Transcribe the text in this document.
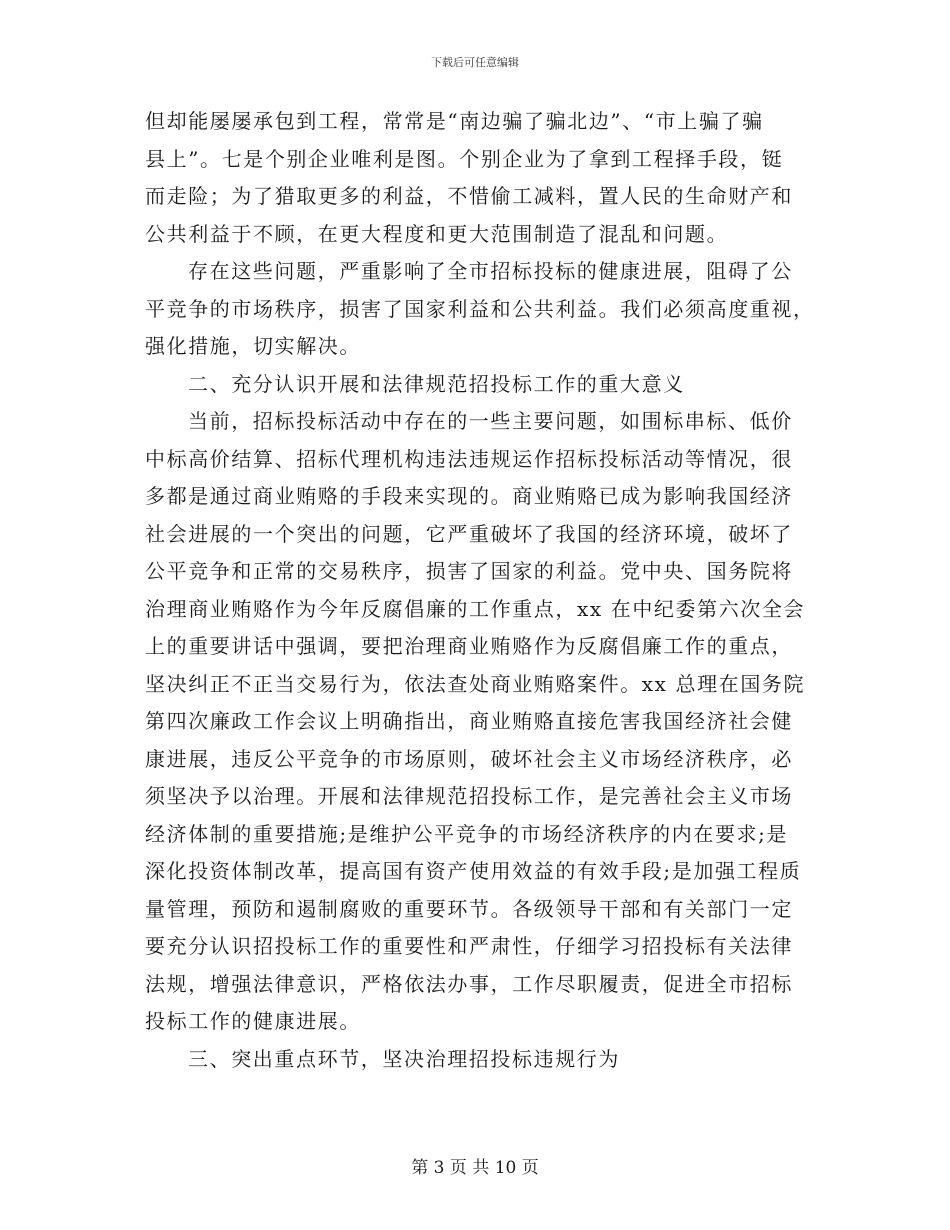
下载后可任意编辑
但却能屡屡承包到工程，常常是“南边骗了骗北边”、“市上骗了骗
县上”。七是个别企业唯利是图。个别企业为了拿到工程择手段，铤
而走险；为了猎取更多的利益，不惜偷工减料，置人民的生命财产和
公共利益于不顾，在更大程度和更大范围制造了混乱和问题。
存在这些问题，严重影响了全市招标投标的健康进展，阻碍了公
平竞争的市场秩序，损害了国家利益和公共利益。我们必须高度重视，
强化措施，切实解决。
二、充分认识开展和法律规范招投标工作的重大意义
当前，招标投标活动中存在的一些主要问题，如围标串标、低价
中标高价结算、招标代理机构违法违规运作招标投标活动等情况，很
多都是通过商业贿赂的手段来实现的。商业贿赂已成为影响我国经济
社会进展的一个突出的问题，它严重破坏了我国的经济环境，破坏了
公平竞争和正常的交易秩序，损害了国家的利益。党中央、国务院将
治理商业贿赂作为今年反腐倡廉的工作重点，xx 在中纪委第六次全会
上的重要讲话中强调，要把治理商业贿赂作为反腐倡廉工作的重点，
坚决纠正不正当交易行为，依法查处商业贿赂案件。xx 总理在国务院
第四次廉政工作会议上明确指出，商业贿赂直接危害我国经济社会健
康进展，违反公平竞争的市场原则，破坏社会主义市场经济秩序，必
须坚决予以治理。开展和法律规范招投标工作，是完善社会主义市场
经济体制的重要措施;是维护公平竞争的市场经济秩序的内在要求;是
深化投资体制改革，提高国有资产使用效益的有效手段;是加强工程质
量管理，预防和遏制腐败的重要环节。各级领导干部和有关部门一定
要充分认识招投标工作的重要性和严肃性，仔细学习招投标有关法律
法规，增强法律意识，严格依法办事，工作尽职履责，促进全市招标
投标工作的健康进展。
三、突出重点环节，坚决治理招投标违规行为
第 3 页 共 10 页
